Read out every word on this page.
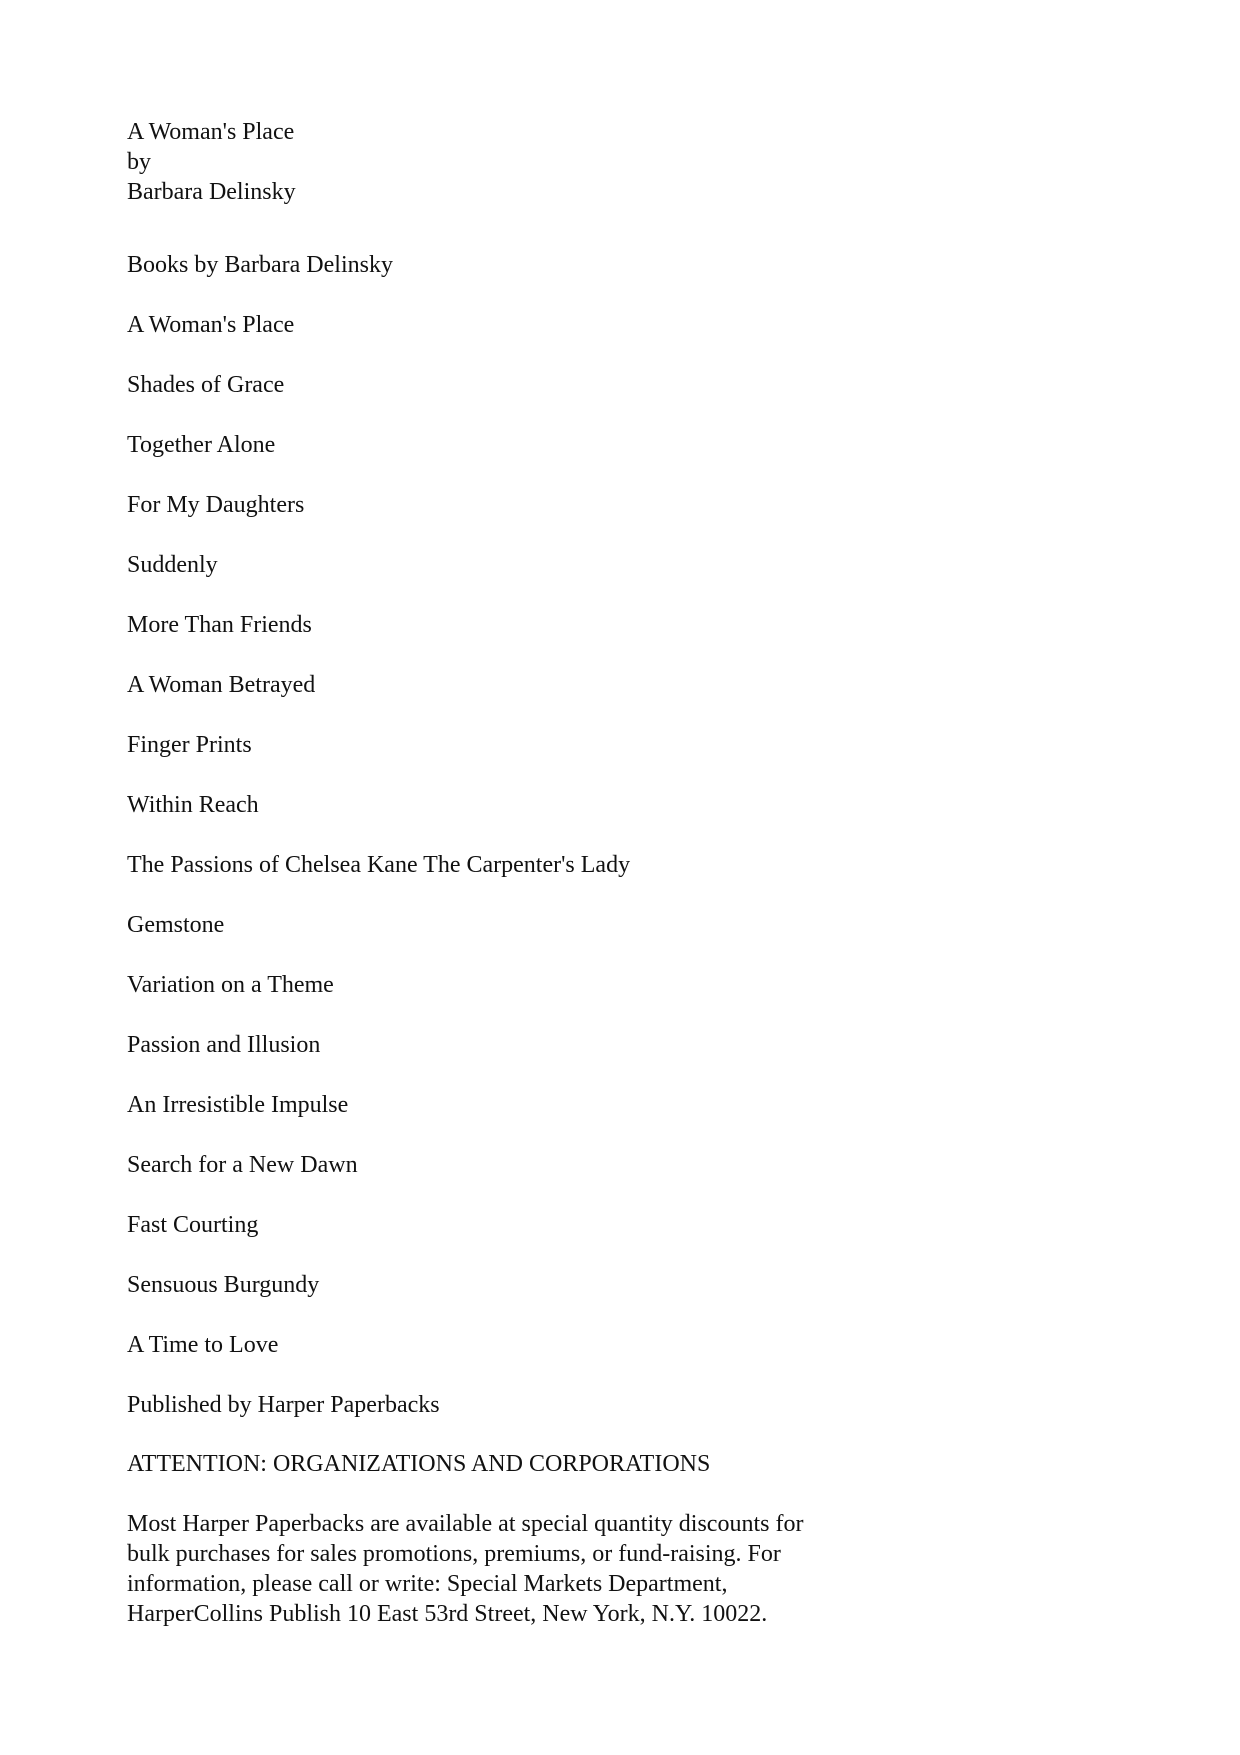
A Woman's Place
by
Barbara Delinsky
Books by Barbara Delinsky
A Woman's Place
Shades of Grace
Together Alone
For My Daughters
Suddenly
More Than Friends
A Woman Betrayed
Finger Prints
Within Reach
The Passions of Chelsea Kane The Carpenter's Lady
Gemstone
Variation on a Theme
Passion and Illusion
An Irresistible Impulse
Search for a New Dawn
Fast Courting
Sensuous Burgundy
A Time to Love
Published by Harper Paperbacks
ATTENTION: ORGANIZATIONS AND CORPORATIONS
Most Harper Paperbacks are available at special quantity discounts for bulk purchases for sales promotions, premiums, or fund-raising. For information, please call or write: Special Markets Department, HarperCollins Publish 10 East 53rd Street, New York, N.Y. 10022.
